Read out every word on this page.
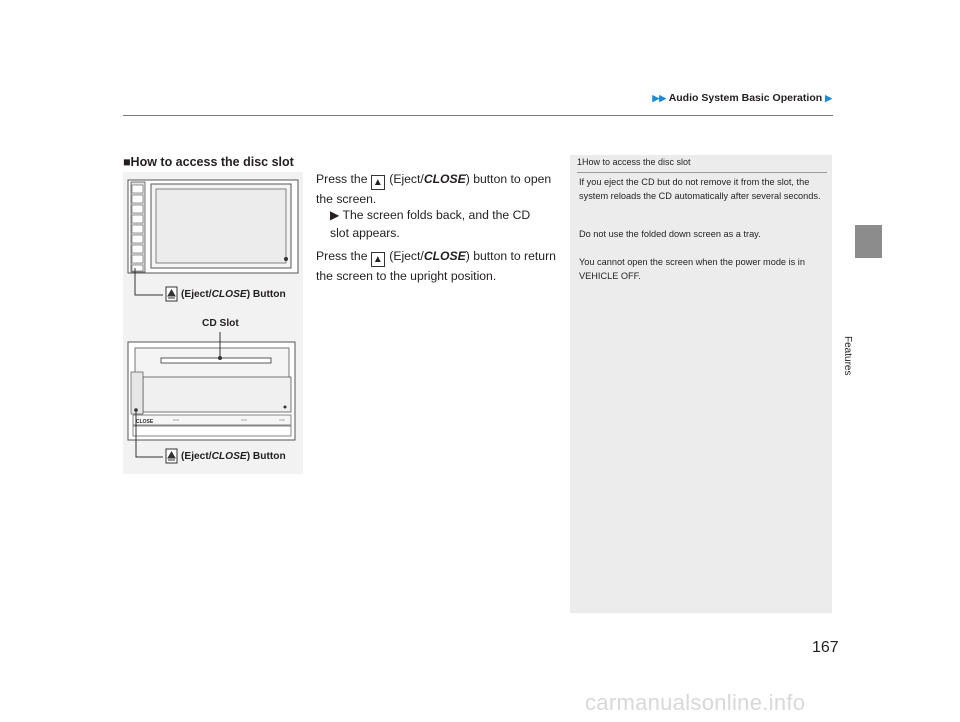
▶▶ Audio System Basic Operation ▶
Features
■How to access the disc slot
CLOSE
(Eject/CLOSE) Button
CD Slot
(Eject/CLOSE) Button
Press the ▲ (Eject/CLOSE) button to open the screen.
▶ The screen folds back, and the CD slot appears.
Press the ▲ (Eject/CLOSE) button to return the screen to the upright position.
1How to access the disc slot
If you eject the CD but do not remove it from the slot, the system reloads the CD automatically after several seconds.
Do not use the folded down screen as a tray.
You cannot open the screen when the power mode is in VEHICLE OFF.
167
carmanualsonline.info
